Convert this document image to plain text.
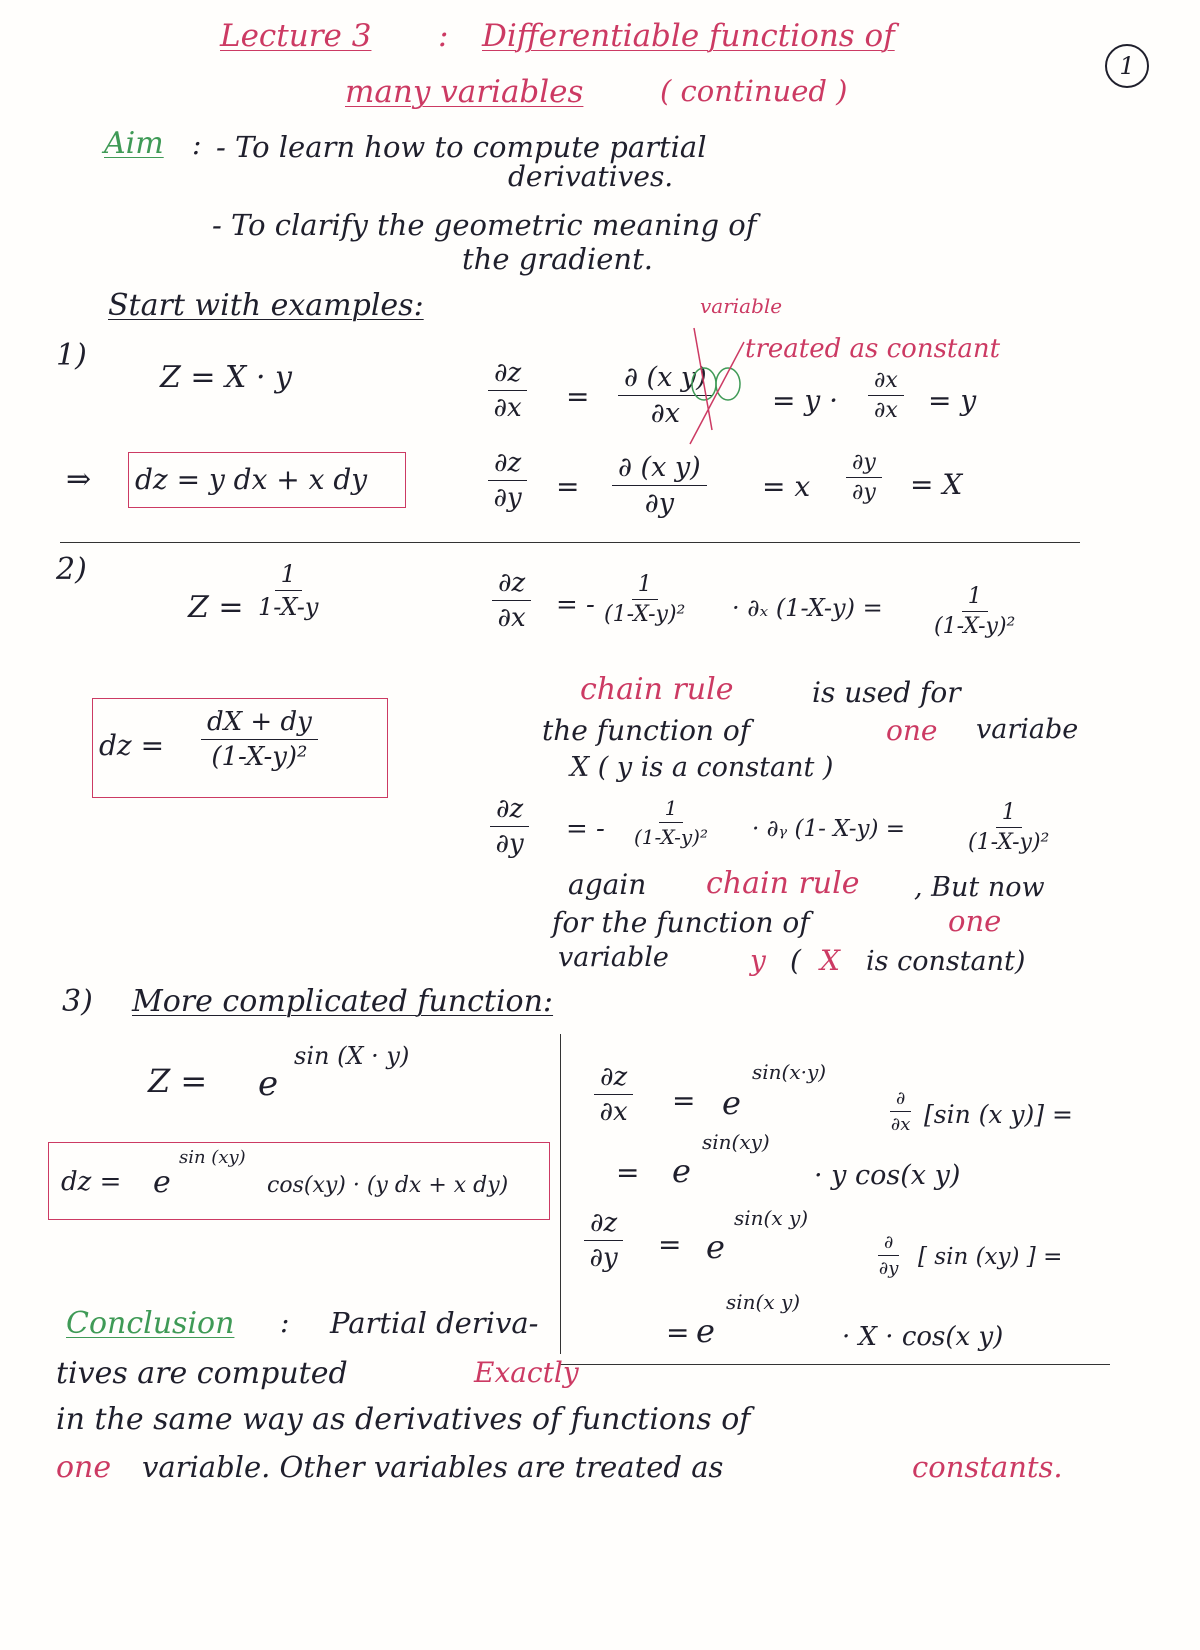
Lecture 3 : Differentiable functions of
many variables	( continued )
1
Aim : - To learn how to compute partial
derivatives.
- To clarify the geometric meaning of
the gradient.
Start with examples:	variable
treated as constant
1)
Z = X · y	$\frac{\partial z}{\partial x} = \frac{\text{∂ (x y)}}{\partial x} = y \cdot \frac{\partial x}{\partial x} = y$
⇒ dz = y dx + x dy	$\frac{\partial z}{\partial y} = \frac{\text{∂ (x y)}}{\partial y} = x \frac{\partial y}{\partial y} = X$
2)
$Z = \frac{1}{1-X-y}$	$\frac{\partial z}{\partial x}$ = - $\frac{1}{\text{(1-X-y)²}} \cdot \partial_x$ $(1-X-y) = \frac{1}{\text{(1-X-y)²}}$
dz = $\frac{dX + dy}{\text{(1-X-y)²}}$
chain rule	is used for
the function of	one variabe
X ( y is a constant )
$\frac{\partial z}{\partial y}$ = - $\frac{1}{\text{(1-X-y)²}}$ · ∂ᵧ (1- X-y) =	$\frac{1}{\text{(1-X-y)²}}$
again chain rule , But now
for the function of	one
variable	y ( X is constant)
3) More complicated function:
Z = e
sin (X · y)
dz = e
sin (xy)
cos(xy) · (y dx + x dy)
$\frac{\partial z}{\partial x} = e$
sin(x·y)
∂
∂x [sin (x y)] =
= e
sin(xy)
· y cos(x y)
$\frac{\partial z}{\partial y} = e$
sin(x y)
∂
∂y [ sin (xy) ] =
= e
sin(x y)
· X · cos(x y)
Conclusion : Partial deriva-
tives are computed	Exactly
in the same way as derivatives of functions of
one variable. Other variables are treated as	constants.
